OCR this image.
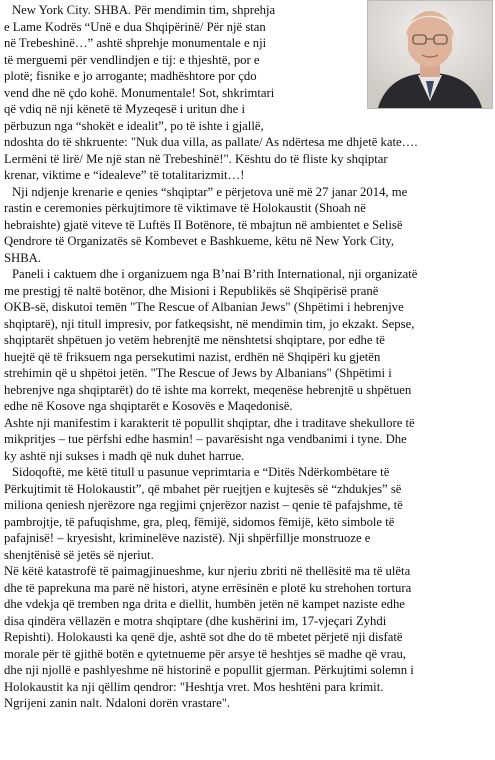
New York City. SHBA. Për mendimin tim, shprehja
e Lame Kodrës “Unë e dua Shqipërinë/ Për një stan
në Trebeshinë…” ashtë shprehje monumentale e nji
të merguemi për vendlindjen e tij: e thjeshtë, por e
plotë; fisnike e jo arrogante; madhështore por çdo
vend dhe në çdo kohë. Monumentale! Sot, shkrimtari
që vdiq në nji kënetë të Myzeqesë i uritun dhe i
përbuzun nga “shokët e idealit”, po të ishte i gjallë,
ndoshta do të shkruente: "Nuk dua villa, as pallate/ As ndërtesa me dhjetë kate….
Lermëni të lirë/ Me një stan në Trebeshinë!". Kështu do të fliste ky shqiptar
krenar, viktime e “idealeve” të totalitarizmit…!
Nji ndjenje krenarie e qenies “shqiptar” e përjetova unë më 27 janar 2014, me
rastin e ceremonies përkujtimore të viktimave të Holokaustit (Shoah në
hebraishte) gjatë viteve të Luftës II Botënore, të mbajtun në ambientet e Selisë
Qendrore të Organizatës së Kombevet e Bashkueme, këtu në New York City,
SHBA.
Paneli i caktuem dhe i organizuem nga B’nai B’rith International, nji organizatë
me prestigj të naltë botënor, dhe Misioni i Republikës së Shqipërisë pranë
OKB-së, diskutoi temën "The Rescue of Albanian Jews" (Shpëtimi i hebrenjve
shqiptarë), nji titull impresiv, por fatkeqsisht, në mendimin tim, jo ekzakt. Sepse,
shqiptarët shpëtuen jo vetëm hebrenjtë me nënshtetsi shqiptare, por edhe të
huejtë që të friksuem nga persekutimi nazist, erdhën në Shqipëri ku gjetën
strehimin që u shpëtoi jetën. "The Rescue of Jews by Albanians" (Shpëtimi i
hebrenjve nga shqiptarët) do të ishte ma korrekt, meqenëse hebrenjtë u shpëtuen
edhe në Kosove nga shqiptarët e Kosovës e Maqedonisë.
Ashte nji manifestim i karakterit të popullit shqiptar, dhe i traditave shekullore të
mikpritjes – tue përfshi edhe hasmin! – pavarësisht nga vendbanimi i tyne. Dhe
ky ashtë nji sukses i madh që nuk duhet harrue.
Sidoqoftë, me këtë titull u pasunue veprimtaria e “Ditës Ndërkombëtare të
Përkujtimit të Holokaustit”, që mbahet për ruejtjen e kujtesës së “zhdukjes” së
miliona qeniesh njerëzore nga regjimi çnjerëzor nazist – qenie të pafajshme, të
pambrojtje, të pafuqishme, gra, pleq, fëmijë, sidomos fëmijë, këto simbole të
pafajnisë! – kryesisht, kriminelëve nazistë). Nji shpërfillje monstruoze e
shenjtënisë së jetës së njeriut.
Në këtë katastrofë të paimagjinueshme, kur njeriu zbriti në thellësitë ma të ulëta
dhe të paprekuna ma parë në histori, atyne errësinën e plotë ku strehohen tortura
dhe vdekja që tremben nga drita e diellit, humbën jetën në kampet naziste edhe
disa qindëra vëllazën e motra shqiptare (dhe kushërini im, 17-vjeçari Zyhdi
Repishti). Holokausti ka qenë dje, ashtë sot dhe do të mbetet përjetë nji disfatë
morale për të gjithë botën e qytetnueme për arsye të heshtjes së madhe që vrau,
dhe nji njollë e pashlyeshme në historinë e popullit gjerman. Përkujtimi solemn i
Holokaustit ka nji qëllim qendror: "Heshtja vret. Mos heshtëni para krimit.
Ngrijeni zanin nalt. Ndaloni dorën vrastare".
